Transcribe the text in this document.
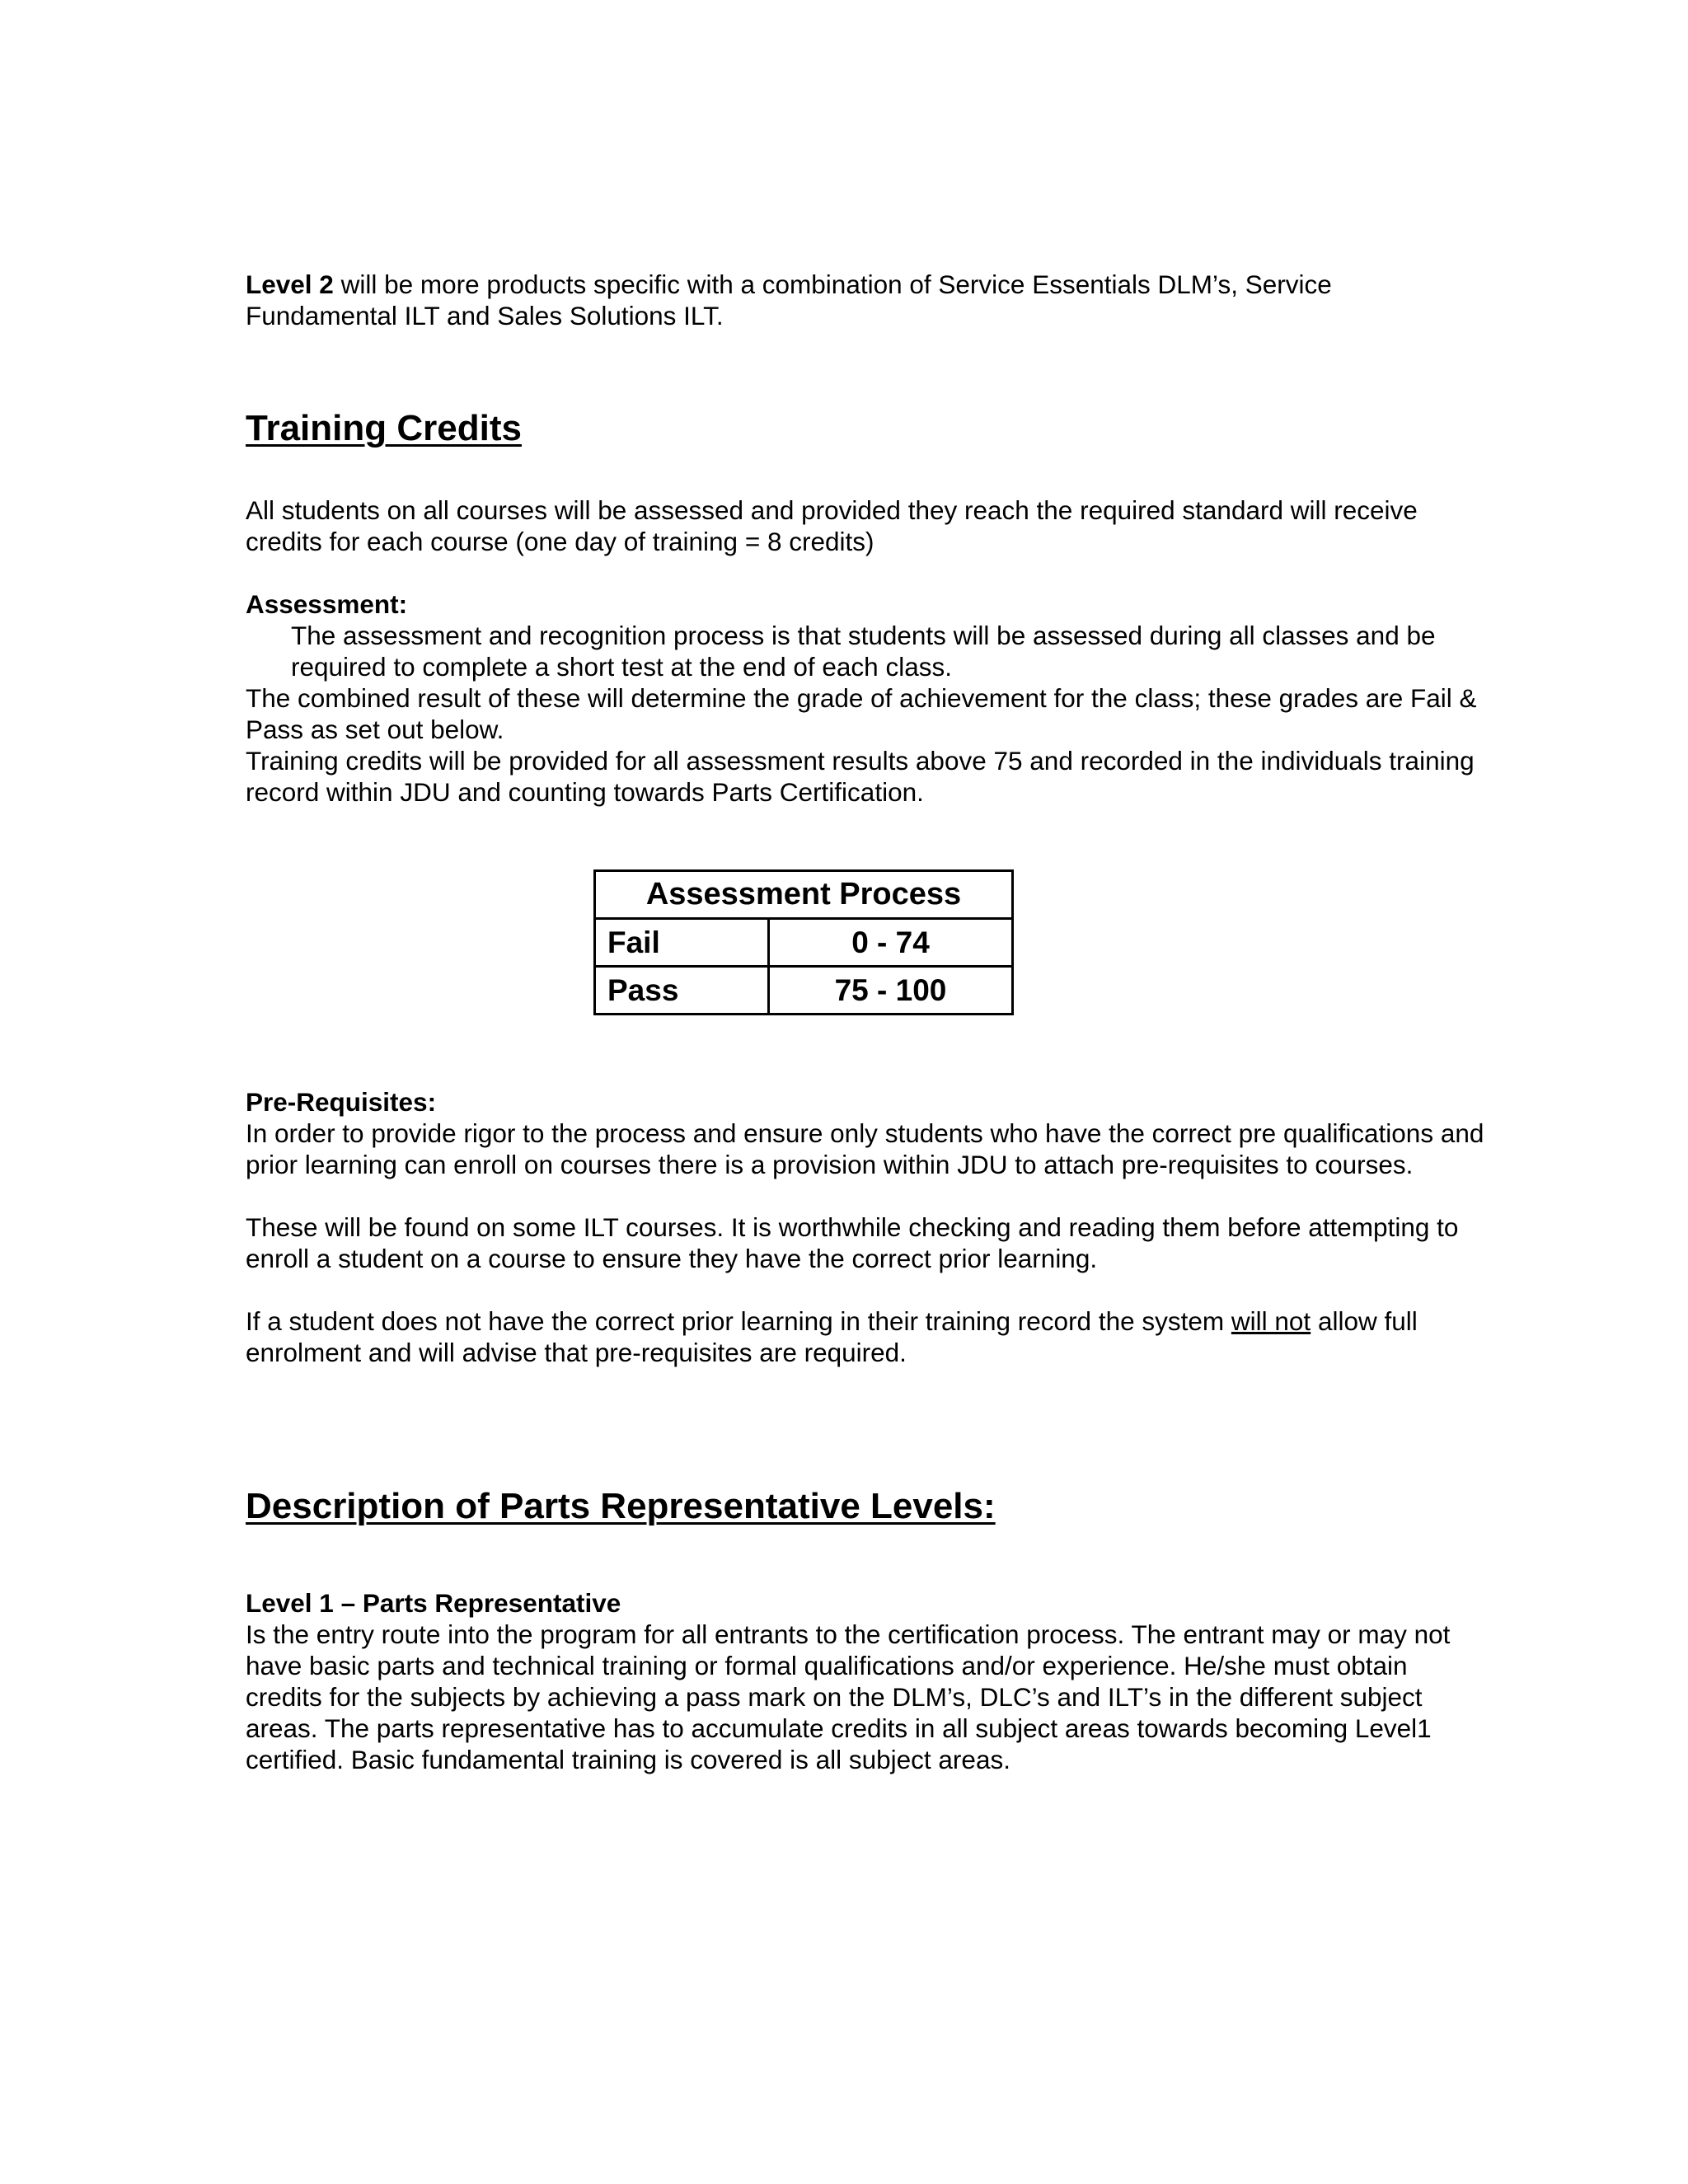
Level 2 will be more products specific with a combination of Service Essentials DLM’s, Service Fundamental ILT and Sales Solutions ILT.

Training Credits

All students on all courses will be assessed and provided they reach the required standard will receive credits for each course (one day of training = 8 credits)

Assessment:

The assessment and recognition process is that students will be assessed during all classes and be required to complete a short test at the end of each class.

The combined result of these will determine the grade of achievement for the class; these grades are Fail & Pass as set out below.

Training credits will be provided for all assessment results above 75 and recorded in the individuals training record within JDU and counting towards Parts Certification.

Assessment Process	
Fail	0 - 74
Pass	75 - 100

Pre-Requisites:

In order to provide rigor to the process and ensure only students who have the correct pre qualifications and prior learning can enroll on courses there is a provision within JDU to attach pre-requisites to courses.

These will be found on some ILT courses. It is worthwhile checking and reading them before attempting to enroll a student on a course to ensure they have the correct prior learning.

If a student does not have the correct prior learning in their training record the system will not allow full enrolment and will advise that pre-requisites are required.

Description of Parts Representative Levels:

Level 1 – Parts Representative

Is the entry route into the program for all entrants to the certification process. The entrant may or may not have basic parts and technical training or formal qualifications and/or experience. He/she must obtain credits for the subjects by achieving a pass mark on the DLM’s, DLC’s and ILT’s in the different subject areas. The parts representative has to accumulate credits in all subject areas towards becoming Level1 certified. Basic fundamental training is covered is all subject areas.
